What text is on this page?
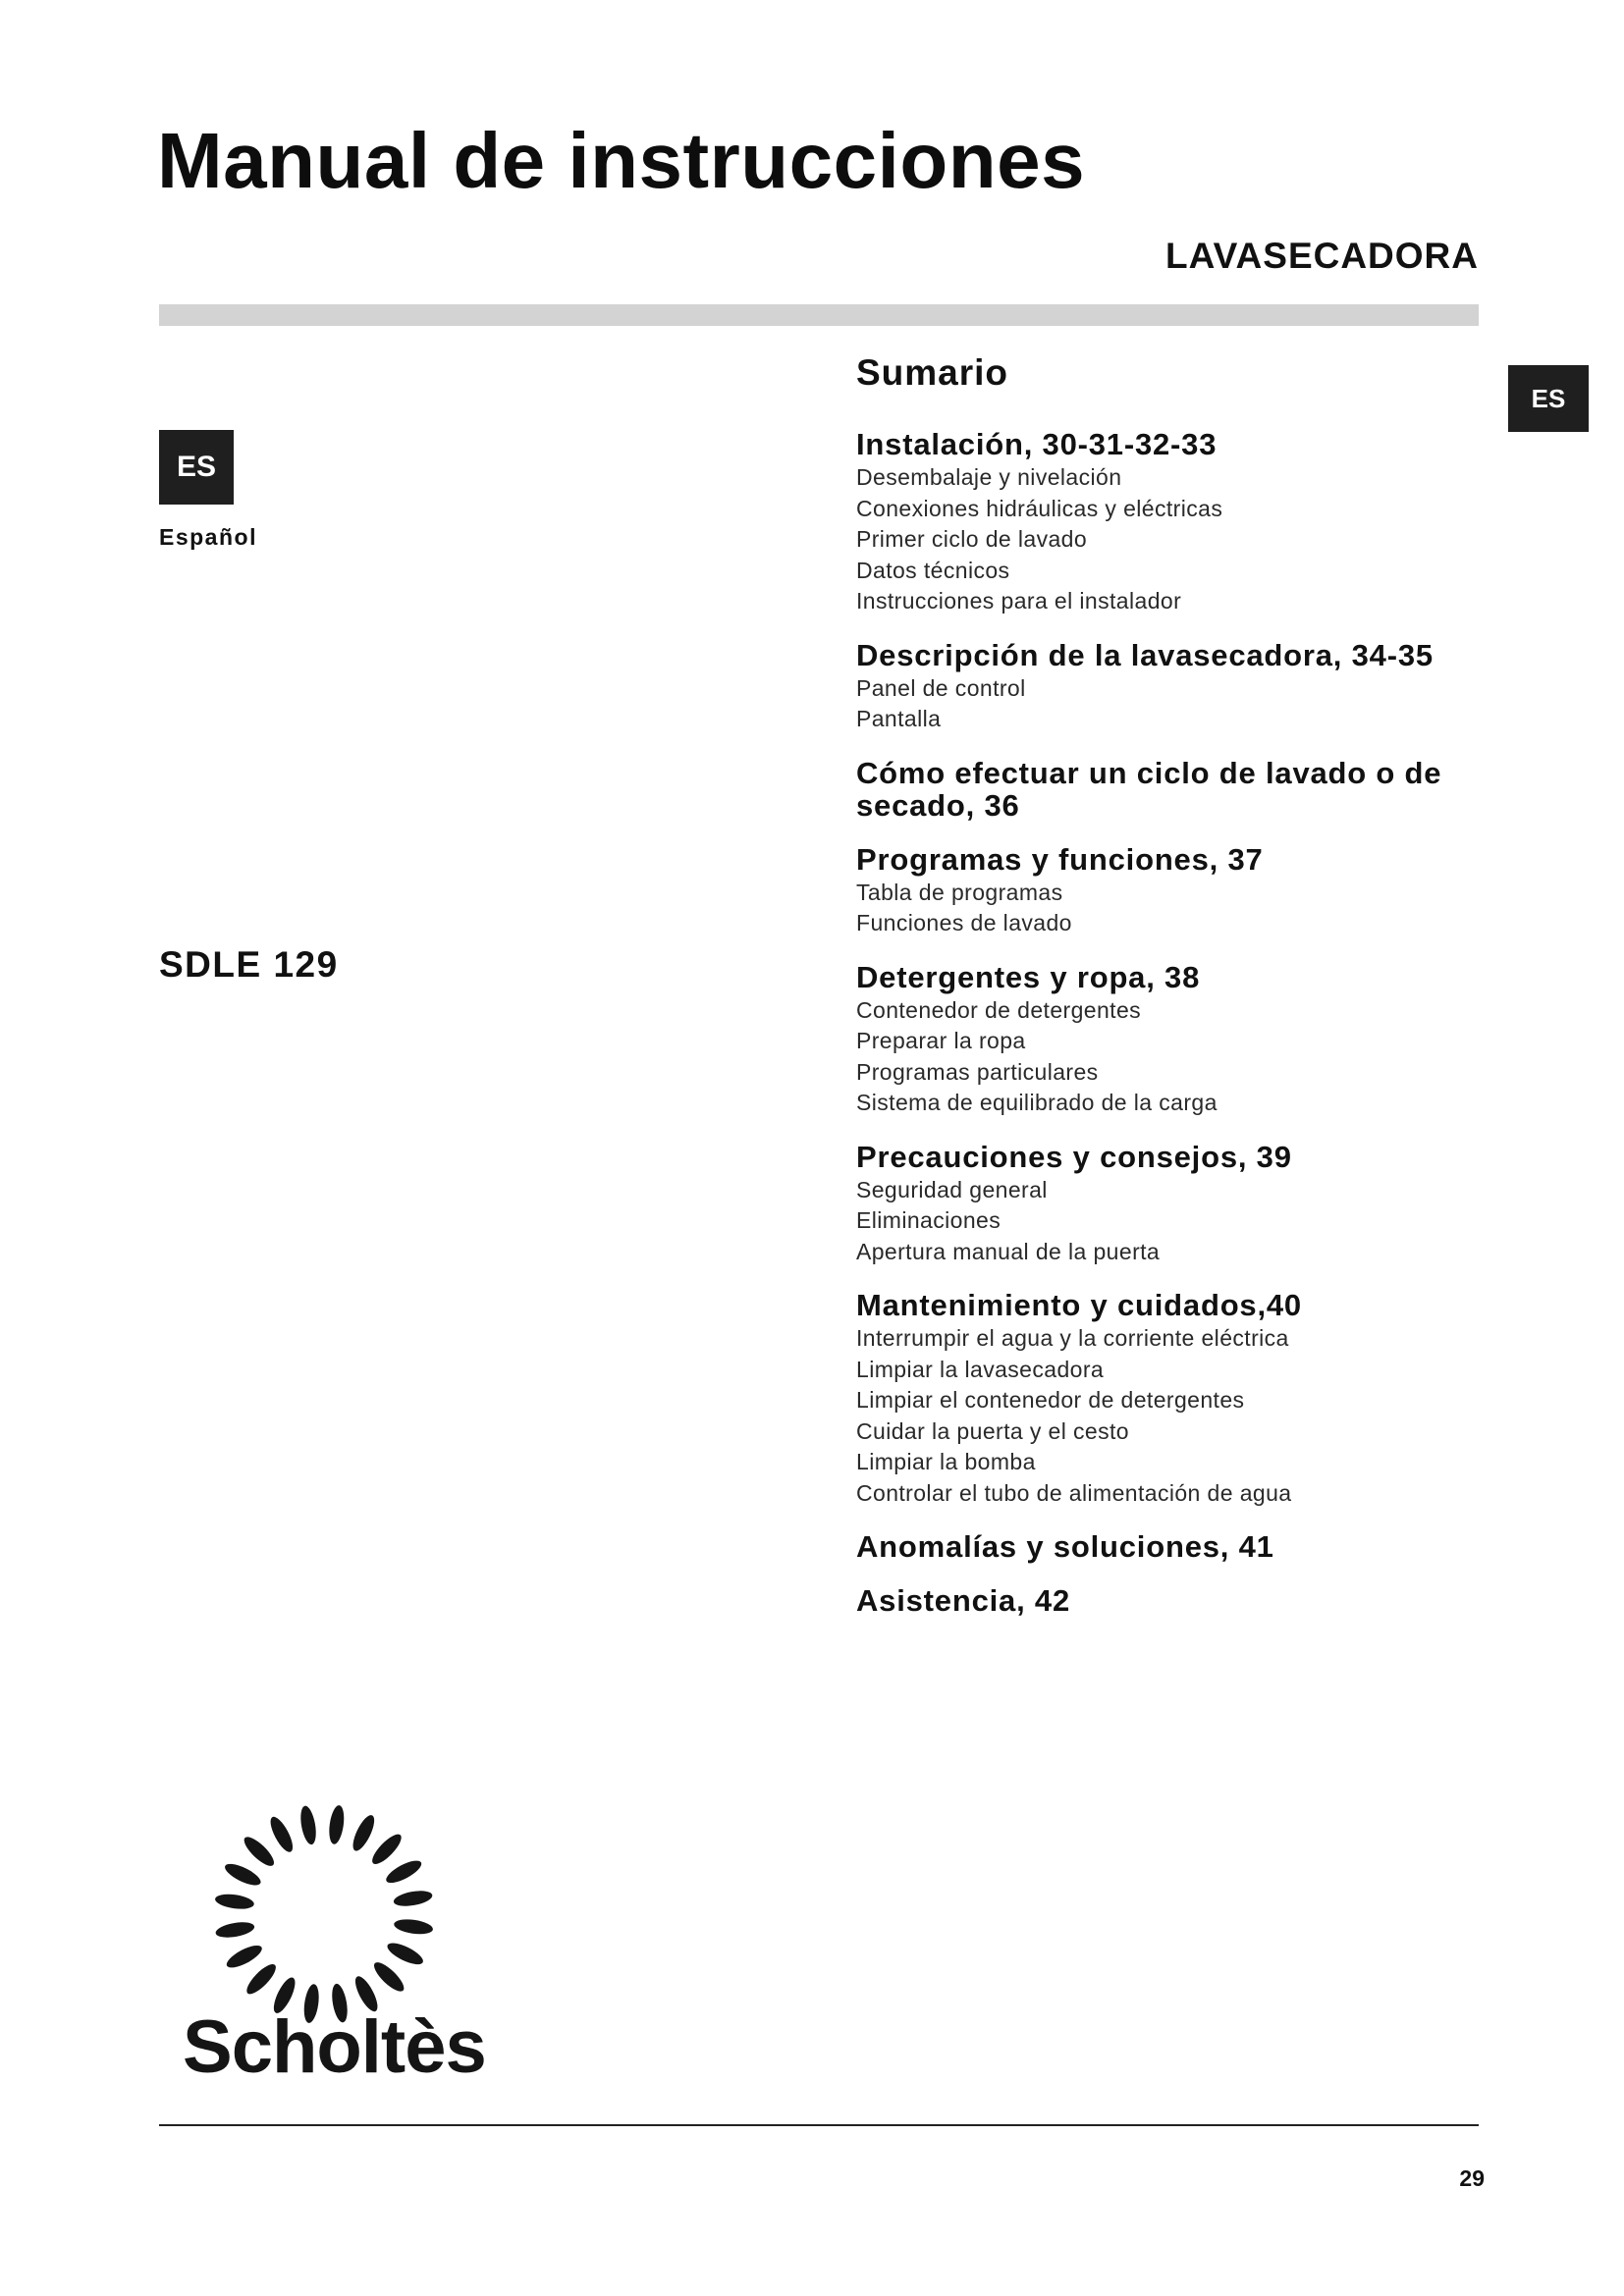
Manual de instrucciones
LAVASECADORA
ES
Español
ES
SDLE 129
Sumario
Instalación, 30-31-32-33
Desembalaje y nivelación
Conexiones hidráulicas y eléctricas
Primer ciclo de lavado
Datos técnicos
Instrucciones para el instalador
Descripción de la lavasecadora, 34-35
Panel de control
Pantalla
Cómo efectuar un ciclo de lavado o de secado, 36
Programas y funciones, 37
Tabla de programas
Funciones de lavado
Detergentes y ropa, 38
Contenedor de detergentes
Preparar la ropa
Programas particulares
Sistema de equilibrado de la carga
Precauciones y consejos, 39
Seguridad general
Eliminaciones
Apertura manual de la puerta
Mantenimiento y cuidados,40
Interrumpir el agua y la corriente eléctrica
Limpiar la lavasecadora
Limpiar el contenedor de detergentes
Cuidar la puerta y el cesto
Limpiar la bomba
Controlar el tubo de alimentación de agua
Anomalías y soluciones, 41
Asistencia, 42
Scholtès
29
